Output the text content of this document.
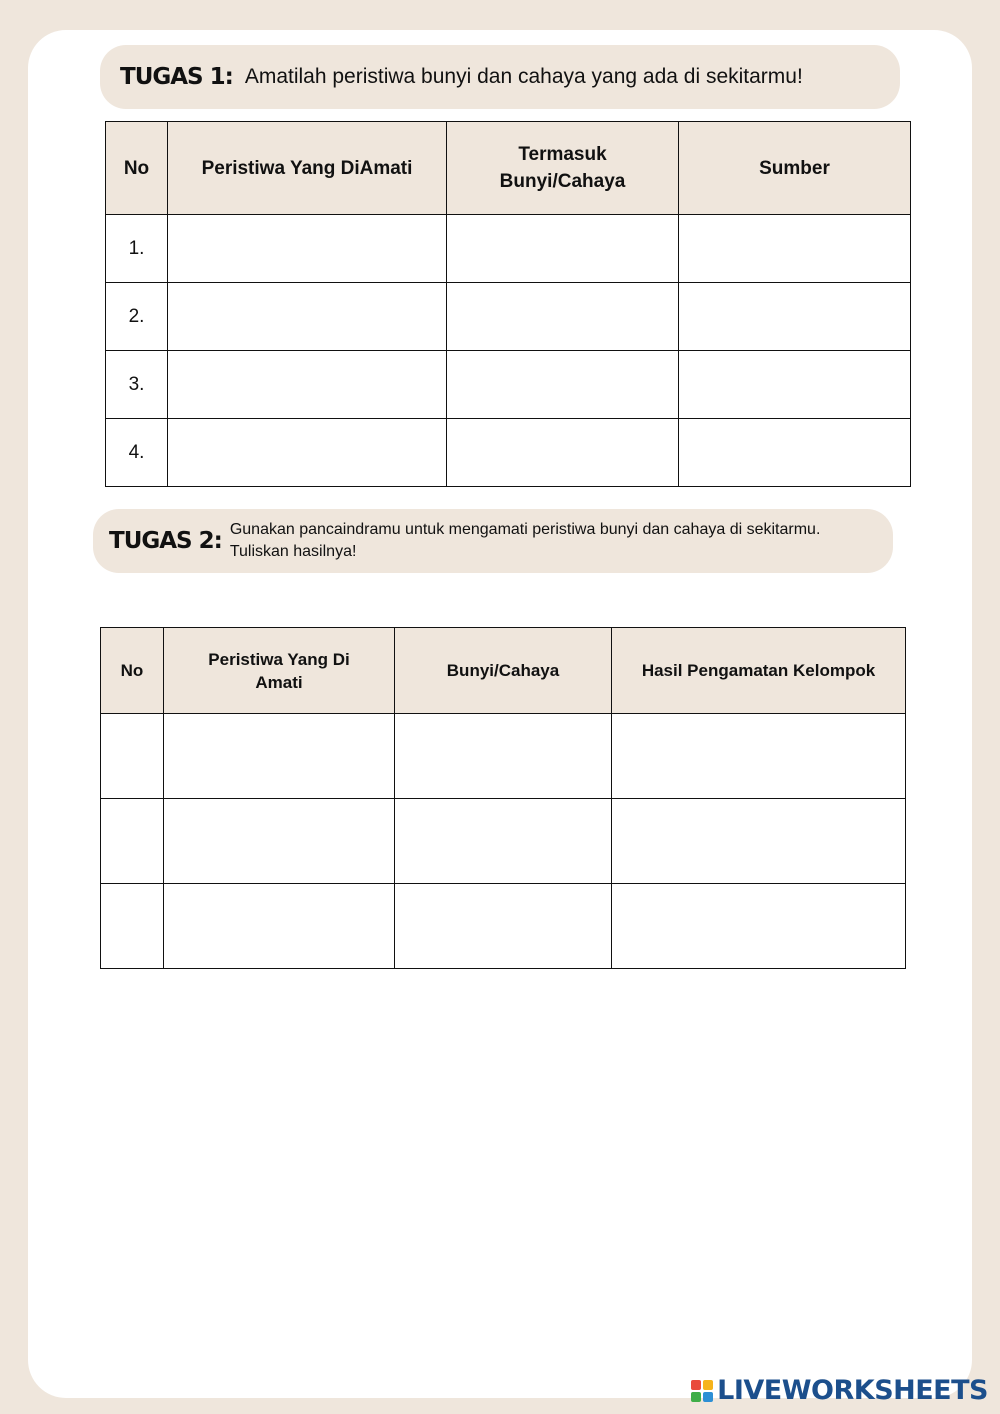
TUGAS 1: Amatilah peristiwa bunyi dan cahaya yang ada di sekitarmu!
No	Peristiwa Yang DiAmati	Termasuk Bunyi/Cahaya	Sumber
1.			
2.			
3.			
4.			
TUGAS 2: Gunakan pancaindramu untuk mengamati peristiwa bunyi dan cahaya di sekitarmu. Tuliskan hasilnya!
No	Peristiwa Yang Di Amati	Bunyi/Cahaya	Hasil Pengamatan Kelompok

LIVEWORKSHEETS
